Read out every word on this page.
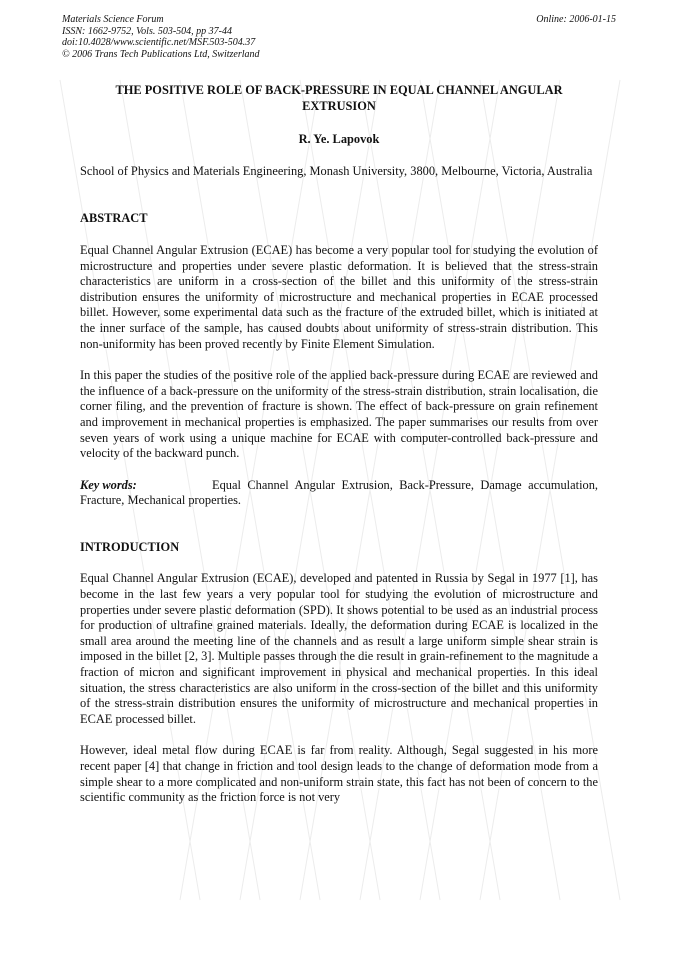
Materials Science Forum
ISSN: 1662-9752, Vols. 503-504, pp 37-44
doi:10.4028/www.scientific.net/MSF.503-504.37
© 2006 Trans Tech Publications Ltd, Switzerland
Online: 2006-01-15
THE POSITIVE ROLE OF BACK-PRESSURE IN EQUAL CHANNEL ANGULAR EXTRUSION
R. Ye. Lapovok
School of Physics and Materials Engineering, Monash University, 3800, Melbourne, Victoria, Australia
ABSTRACT

Equal Channel Angular Extrusion (ECAE) has become a very popular tool for studying the evolution of microstructure and properties under severe plastic deformation. It is believed that the stress-strain characteristics are uniform in a cross-section of the billet and this uniformity of the stress-strain distribution ensures the uniformity of microstructure and mechanical properties in ECAE processed billet. However, some experimental data such as the fracture of the extruded billet, which is initiated at the inner surface of the sample, has caused doubts about uniformity of stress-strain distribution. This non-uniformity has been proved recently by Finite Element Simulation.

In this paper the studies of the positive role of the applied back-pressure during ECAE are reviewed and the influence of a back-pressure on the uniformity of the stress-strain distribution, strain localisation, die corner filing, and the prevention of fracture is shown. The effect of back-pressure on grain refinement and improvement in mechanical properties is emphasized. The paper summarises our results from over seven years of work using a unique machine for ECAE with computer-controlled back-pressure and velocity of the backward punch.

Key words:	Equal Channel Angular Extrusion, Back-Pressure, Damage accumulation, Fracture, Mechanical properties.

INTRODUCTION

Equal Channel Angular Extrusion (ECAE), developed and patented in Russia by Segal in 1977 [1], has become in the last few years a very popular tool for studying the evolution of microstructure and properties under severe plastic deformation (SPD). It shows potential to be used as an industrial process for production of ultrafine grained materials. Ideally, the deformation during ECAE is localized in the small area around the meeting line of the channels and as result a large uniform simple shear strain is imposed in the billet [2, 3]. Multiple passes through the die result in grain-refinement to the magnitude a fraction of micron and significant improvement in physical and mechanical properties. In this ideal situation, the stress characteristics are also uniform in the cross-section of the billet and this uniformity of the stress-strain distribution ensures the uniformity of microstructure and mechanical properties in ECAE processed billet.

However, ideal metal flow during ECAE is far from reality. Although, Segal suggested in his more recent paper [4] that change in friction and tool design leads to the change of deformation mode from a simple shear to a more complicated and non-uniform strain state, this fact has not been of concern to the scientific community as the friction force is not very
